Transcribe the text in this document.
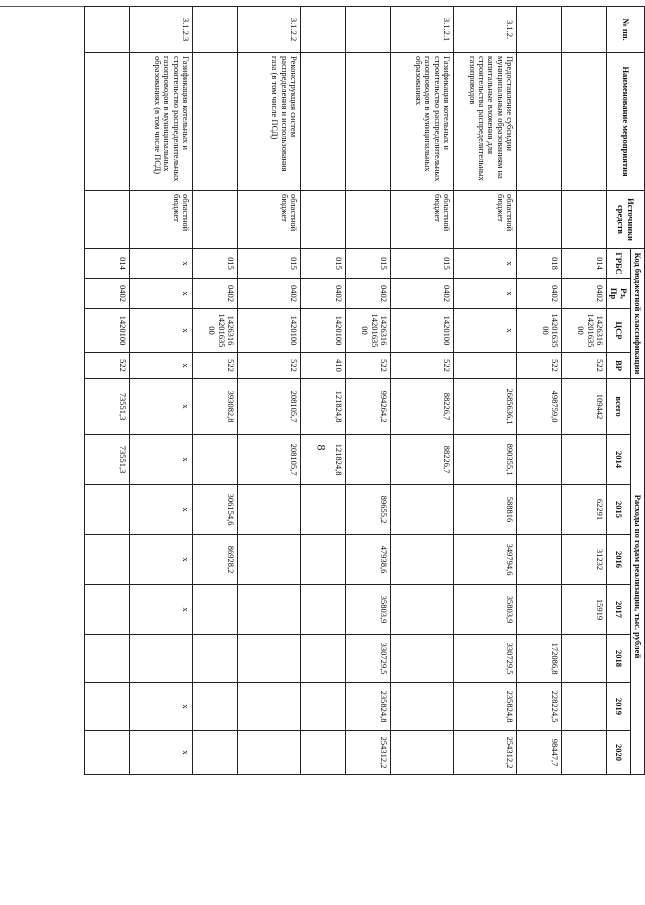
8
№ пп.	Наименование мероприятия	Источники средств	Код бюджетной классификации				Расходы по годам реализации, тыс. рублей							
			ГРБС	Рз, Пр	ЦСР	ВР	всего	2014	2015	2016	2017	2018	2019	2020
			014	0402	1426316 14201635 00	522	109442		62291	31232	15919			
			018	0402	14201635 00	522	498759,0					172086,8	228224,5	98447,7
3.1.2.	Предоставление субсидии муниципальным образованиям на капитальные вложения для строительства распределительных газопроводов	областной бюджет	х	х	х		2685636,1	890355,1	588816	349794,6	35803,9	330729,5	235824,8	254312,2
3.1.2.1	Газификация котельных и строительство распределительных газопроводов в муниципальных образованиях	областной бюджет	015	0402	1420100	522	88226,7	88226,7						
			015	0402	1426316 14201635 00	522	994264,2		89655,2	47938,6	35803,9	330729,5	235824,8	254312,2
			015	0402	1420100	410	121824,8	121824,8						
3.1.2.2	Реконструкция систем распределения и использования газа (в том числе ПСД)	областной бюджет	015	0402	1420100	522	208105,7	208105,7						
			015	0402	1426316 14201635 00	522	393082,8		306154,6	86928,2				
3.1.2.3	Газификация котельных и строительство распределительных газопроводов в муниципальных образованиях (в том числе ПСД)	областной бюджет	х	х	х	х	х	х	х	х	х		х	х
			014	0402	1420100	522	73551,3	73551,3						
